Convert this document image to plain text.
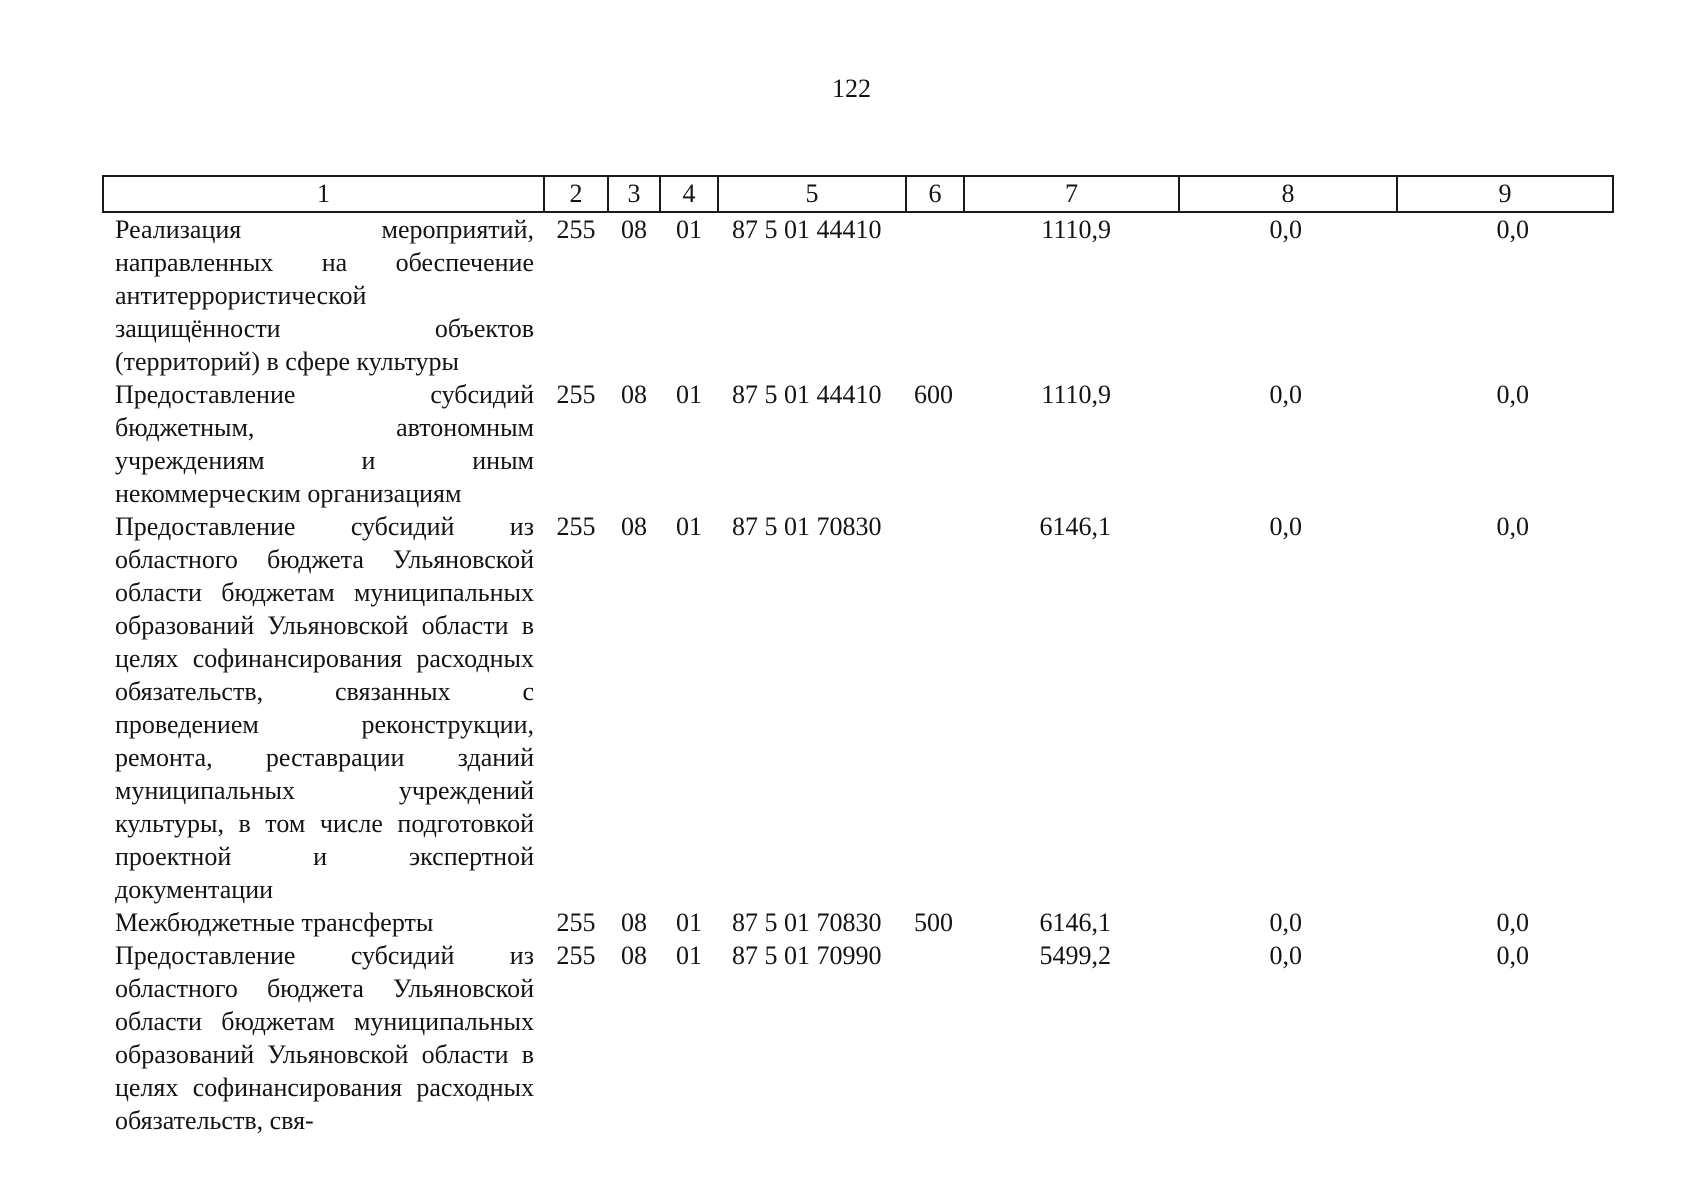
122
1	2	3	4	5	6	7	8	9
Реализация мероприятий, направленных на обеспечение антитеррористической защищённости объектов (территорий) в сфере культуры	255	08	01	87 5 01 44410		1110,9	0,0	0,0
Предоставление субсидий бюджетным, автономным учреждениям и иным некоммерческим организациям	255	08	01	87 5 01 44410	600	1110,9	0,0	0,0
Предоставление субсидий из областного бюджета Ульяновской области бюджетам муниципальных образований Ульяновской области в целях софинансирования расходных обязательств, связанных с проведением реконструкции, ремонта, реставрации зданий муниципальных учреждений культуры, в том числе подготовкой проектной и экспертной документации	255	08	01	87 5 01 70830		6146,1	0,0	0,0
Межбюджетные трансферты	255	08	01	87 5 01 70830	500	6146,1	0,0	0,0
Предоставление субсидий из областного бюджета Ульяновской области бюджетам муниципальных образований Ульяновской области в целях софинансирования расходных обязательств, свя-	255	08	01	87 5 01 70990		5499,2	0,0	0,0
